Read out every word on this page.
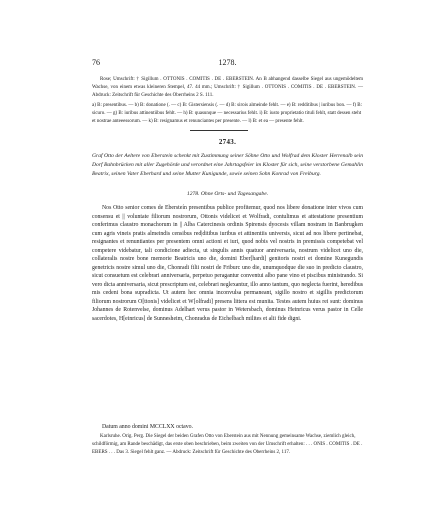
76	1278.

Rose; Umschrift: † Sigillum . OTTONIS . COMITIS . DE . EBERSTEIN. An B abhangend dasselbe Siegel aus ungemödeltem Wachse, von einem etwas kleineren Stempel, 47. 44 mm.; Umschrift: † Sigillum . OTTONIS . COMITIS . DE . EBERSTEIN. — Abdruck: Zeitschrift für Geschichte des Oberrheins 2 S. 111.

a) B: presentibus. — b) B: donatione (. — c) B: Gistersiensis (. — d) B: sirois almeinde fehlt. — e) B: redditibus | iuribus bon. — f) B: sicuro. — g) B: iuribus attinentiibus fehlt. — h) B: quasunque — necessarius fehlt. i) B: iusto proprietatio tituli fehlt, statt dessen steht et nostrae anteeessorum. — k) B: resignamus et renunciantes per presente. — l) B: et ea — presente fehlt.

2743.

Graf Otto der Aeltere von Eberstein schenkt mit Zustimmung seiner Söhne Otto und Wolfrad dem Kloster Herrenalb sein Dorf Bahnbrücken mit aller Zugehörde und verordnet eine Jahrtagsfeier im Kloster für sich, seine verstorbene Gemahlin Beatrix, seinen Vater Eberhard und seine Mutter Kunigunde, sowie seinen Sohn Konrad von Freiburg.

1278. Ohne Orts- und Tagesangabe.

Nos Otto senior comes de Ebersteín presentibus publice profitemur, quod nos libere donatione inter vivos cum consensu et || voluntate filiorum nostrorum, Ottonis videlicet et Wolfradi, contulimus et attestatione presentium conferimus claustro monachorum in || Alba Catercinesis ordinis Spirensis dyocesis villam nostram in Banbrugken cum agris vineis pratis almeindis censibus red|ditibus iuribus et attinentiis universis, sicut ad nos libere pertinebat, resignantes et renuntiantes per presentem omni actioni et iuri, quod nobis vel nostris in premissis competebat vel competere videbatur, tali condicione adiecta, ut singulis annis quatuor anniversaria, nostrum videlicet uno die, collateralis nostre bone memorie Beatricis uno die, domini Eber[hardi] genitoris nostri et domine Kunegundis genetricis nostre simul uno die, Chonradi filii nostri de Friburc uno die, unumquodque die suo in predicto claustro, sicut consuetum est celebrari anniversaria, perpetuo peragantur conventui albo pane vino et piscibus ministrando. Si vero dicta anniversaria, sicut prescriptum est, celebrari neglexantur, illo anno tantum, quo neglecta fuerint, heredibus mis cedeni bona supradicta. Ut autem hec omnia inconvulsa permaneant, sigillo nostro et sigillis predictorum filiorum nostrorum O[ttonis] videlicet et W[olfradi] presens littera est munita. Testes autem huius rei sunt: dominus Johannes de Rotenvelse, dominus Adelhart verus pastor in Wetersbach, dominus Heinricus verus pastor in Celle sacerdotes, H[einricus] de Sunnesheim, Chonradus de Eichelbach milites et alii fide digni.

Datum anno domini MCCLXX octavo.

Karlsruhe. Orig. Perg. Die Siegel der beiden Grafen Otto von Eberstein aus mit Nennung gemeinsame Wachse, ziemlich gleich, schildförmig, am Rande beschädigt, das erste oben beschrieben, beim zweiten von der Umschrift erhalten: . . . ONIS . COMITIS . DE . EBERS . . . Das 3. Siegel fehlt ganz. — Abdruck: Zeitschrift für Geschichte des Oberrheins 2, 117.
